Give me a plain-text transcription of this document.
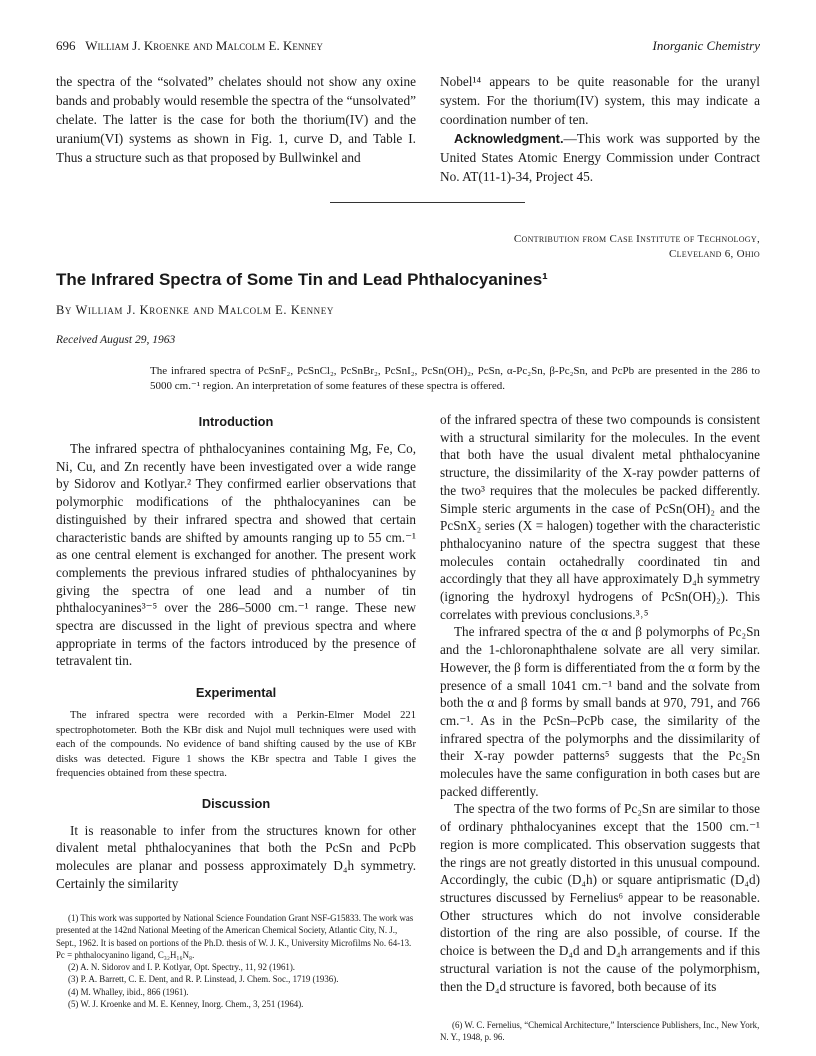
696 William J. Kroenke and Malcolm E. Kenney	Inorganic Chemistry

the spectra of the “solvated” chelates should not show any oxine bands and probably would resemble the spectra of the “unsolvated” chelate. The latter is the case for both the thorium(IV) and the uranium(VI) systems as shown in Fig. 1, curve D, and Table I. Thus a structure such as that proposed by Bullwinkel and

Nobel¹⁴ appears to be quite reasonable for the uranyl system. For the thorium(IV) system, this may indicate a coordination number of ten.

Acknowledgment.—This work was supported by the United States Atomic Energy Commission under Contract No. AT(11-1)-34, Project 45.

Contribution from Case Institute of Technology,
Cleveland 6, Ohio
The Infrared Spectra of Some Tin and Lead Phthalocyanines¹
By William J. Kroenke and Malcolm E. Kenney
Received August 29, 1963

The infrared spectra of PcSnF₂, PcSnCl₂, PcSnBr₂, PcSnI₂, PcSn(OH)₂, PcSn, α-Pc₂Sn, β-Pc₂Sn, and PcPb are presented in the 286 to 5000 cm.⁻¹ region. An interpretation of some features of these spectra is offered.

Introduction

The infrared spectra of phthalocyanines containing Mg, Fe, Co, Ni, Cu, and Zn recently have been investigated over a wide range by Sidorov and Kotlyar.² They confirmed earlier observations that polymorphic modifications of the phthalocyanines can be distinguished by their infrared spectra and showed that certain characteristic bands are shifted by amounts ranging up to 55 cm.⁻¹ as one central element is exchanged for another. The present work complements the previous infrared studies of phthalocyanines by giving the spectra of one lead and a number of tin phthalocyanines³⁻⁵ over the 286–5000 cm.⁻¹ range. These new spectra are discussed in the light of previous spectra and where appropriate in terms of the factors introduced by the presence of tetravalent tin.

Experimental

The infrared spectra were recorded with a Perkin-Elmer Model 221 spectrophotometer. Both the KBr disk and Nujol mull techniques were used with each of the compounds. No evidence of band shifting caused by the use of KBr disks was detected. Figure 1 shows the KBr spectra and Table I gives the frequencies obtained from these spectra.

Discussion

It is reasonable to infer from the structures known for other divalent metal phthalocyanines that both the PcSn and PcPb molecules are planar and possess approximately D₄h symmetry. Certainly the similarity

of the infrared spectra of these two compounds is consistent with a structural similarity for the molecules. In the event that both have the usual divalent metal phthalocyanine structure, the dissimilarity of the X-ray powder patterns of the two³ requires that the molecules be packed differently. Simple steric arguments in the case of PcSn(OH)₂ and the PcSnX₂ series (X = halogen) together with the characteristic phthalocyanino nature of the spectra suggest that these molecules contain octahedrally coordinated tin and accordingly that they all have approximately D₄h symmetry (ignoring the hydroxyl hydrogens of PcSn(OH)₂). This correlates with previous conclusions.³˒⁵

The infrared spectra of the α and β polymorphs of Pc₂Sn and the 1-chloronaphthalene solvate are all very similar. However, the β form is differentiated from the α form by the presence of a small 1041 cm.⁻¹ band and the solvate from both the α and β forms by small bands at 970, 791, and 766 cm.⁻¹. As in the PcSn–PcPb case, the similarity of the infrared spectra of the polymorphs and the dissimilarity of their X-ray powder patterns⁵ suggests that the Pc₂Sn molecules have the same configuration in both cases but are packed differently.

The spectra of the two forms of Pc₂Sn are similar to those of ordinary phthalocyanines except that the 1500 cm.⁻¹ region is more complicated. This observation suggests that the rings are not greatly distorted in this unusual compound. Accordingly, the cubic (D₄h) or square antiprismatic (D₄d) structures discussed by Fernelius⁶ appear to be reasonable. Other structures which do not involve considerable distortion of the ring are also possible, of course. If the choice is between the D₄d and D₄h arrangements and if this structural variation is not the cause of the polymorphism, then the D₄d structure is favored, both because of its

(1) This work was supported by National Science Foundation Grant NSF-G15833. The work was presented at the 142nd National Meeting of the American Chemical Society, Atlantic City, N. J., Sept., 1962. It is based on portions of the Ph.D. thesis of W. J. K., University Microfilms No. 64-13. Pc = phthalocyanino ligand, C₃₂H₁₆N₈.

(2) A. N. Sidorov and I. P. Kotlyar, Opt. Spectry., 11, 92 (1961).

(3) P. A. Barrett, C. E. Dent, and R. P. Linstead, J. Chem. Soc., 1719 (1936).

(4) M. Whalley, ibid., 866 (1961).

(5) W. J. Kroenke and M. E. Kenney, Inorg. Chem., 3, 251 (1964).

(6) W. C. Fernelius, “Chemical Architecture,” Interscience Publishers, Inc., New York, N. Y., 1948, p. 96.
